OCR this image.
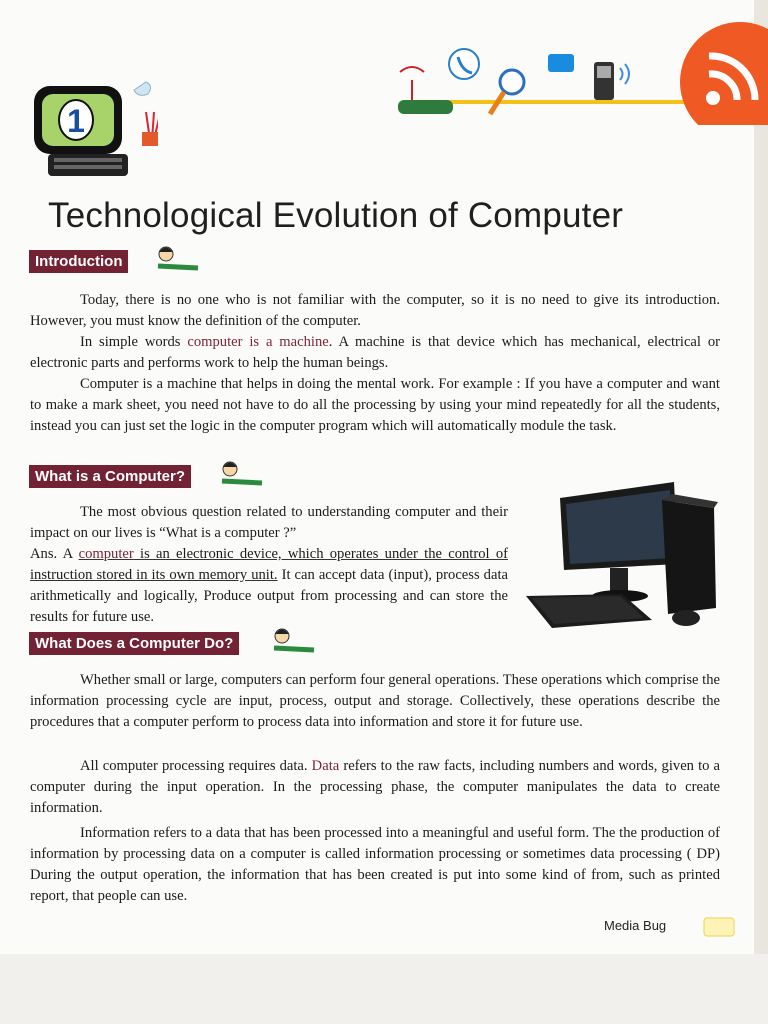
1
Technological Evolution of Computer
Introduction

Today, there is no one who is not familiar with the computer, so it is no need to give its introduction. However, you must know the definition of the computer.

In simple words computer is a machine. A machine is that device which has mechanical, electrical or electronic parts and performs work to help the human beings.

Computer is a machine that helps in doing the mental work. For example : If you have a computer and want to make a mark sheet, you need not have to do all the processing by using your mind repeatedly for all the students, instead you can just set the logic in the computer program which will automatically module the task.

What is a Computer?

The most obvious question related to understanding computer and their impact on our lives is “What is a computer ?”

Ans. A computer is an electronic device, which operates under the control of instruction stored in its own memory unit. It can accept data (input), process data arithmetically and logically, Produce output from processing and can store the results for future use.

What Does a Computer Do?

Whether small or large, computers can perform four general operations. These operations which comprise the information processing cycle are input, process, output and storage. Collectively, these operations describe the procedures that a computer perform to process data into information and store it for future use.

All computer processing requires data. Data refers to the raw facts, including numbers and words, given to a computer during the input operation. In the processing phase, the computer manipulates the data to create information.

Information refers to a data that has been processed into a meaningful and useful form. The the production of information by processing data on a computer is called information processing or sometimes data processing ( DP) During the output operation, the information that has been created is put into some kind of from, such as printed report, that people can use.

Media Bug
